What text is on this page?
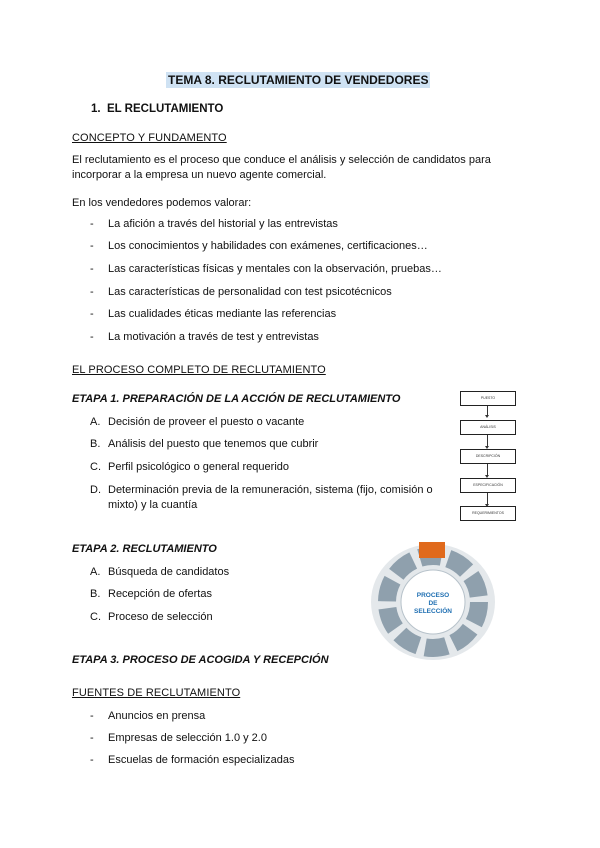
TEMA 8. RECLUTAMIENTO DE VENDEDORES
1. EL RECLUTAMIENTO
CONCEPTO Y FUNDAMENTO
El reclutamiento es el proceso que conduce el análisis y selección de candidatos para incorporar a la empresa un nuevo agente comercial.
En los vendedores podemos valorar:
- La afición a través del historial y las entrevistas
- Los conocimientos y habilidades con exámenes, certificaciones…
- Las características físicas y mentales con la observación, pruebas…
- Las características de personalidad con test psicotécnicos
- Las cualidades éticas mediante las referencias
- La motivación a través de test y entrevistas
EL PROCESO COMPLETO DE RECLUTAMIENTO
ETAPA 1. PREPARACIÓN DE LA ACCIÓN DE RECLUTAMIENTO
A. Decisión de proveer el puesto o vacante
B. Análisis del puesto que tenemos que cubrir
C. Perfil psicológico o general requerido
D. Determinación previa de la remuneración, sistema (fijo, comisión o mixto) y la cuantía
PUESTO
ANÁLISIS
DESCRIPCIÓN
ESPECIFICACIÓN
REQUERIMIENTOS
ETAPA 2. RECLUTAMIENTO
A. Búsqueda de candidatos
B. Recepción de ofertas
C. Proceso de selección
PROCESO
DE
SELECCIÓN
ETAPA 3. PROCESO DE ACOGIDA Y RECEPCIÓN
FUENTES DE RECLUTAMIENTO
- Anuncios en prensa
- Empresas de selección 1.0 y 2.0
- Escuelas de formación especializadas
